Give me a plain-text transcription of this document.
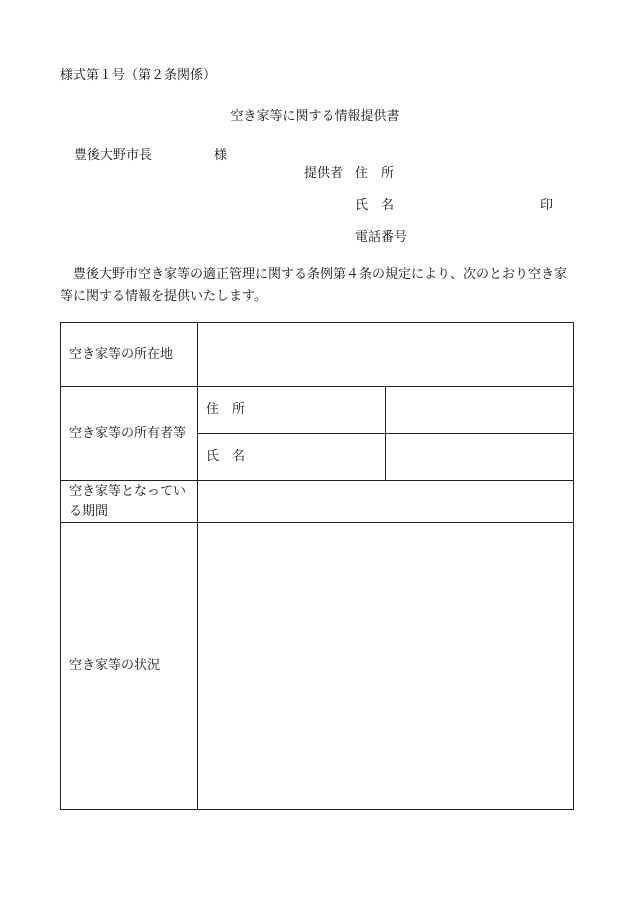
様式第１号（第２条関係）
空き家等に関する情報提供書
豊後大野市長	様
提供者 住　所
氏　名	印
電話番号
豊後大野市空き家等の適正管理に関する条例第４条の規定により、次のとおり空き家等に関する情報を提供いたします。
空き家等の所在地		
空き家等の所有者等	住　所	
	氏　名	
空き家等となっている期間		
空き家等の状況		
